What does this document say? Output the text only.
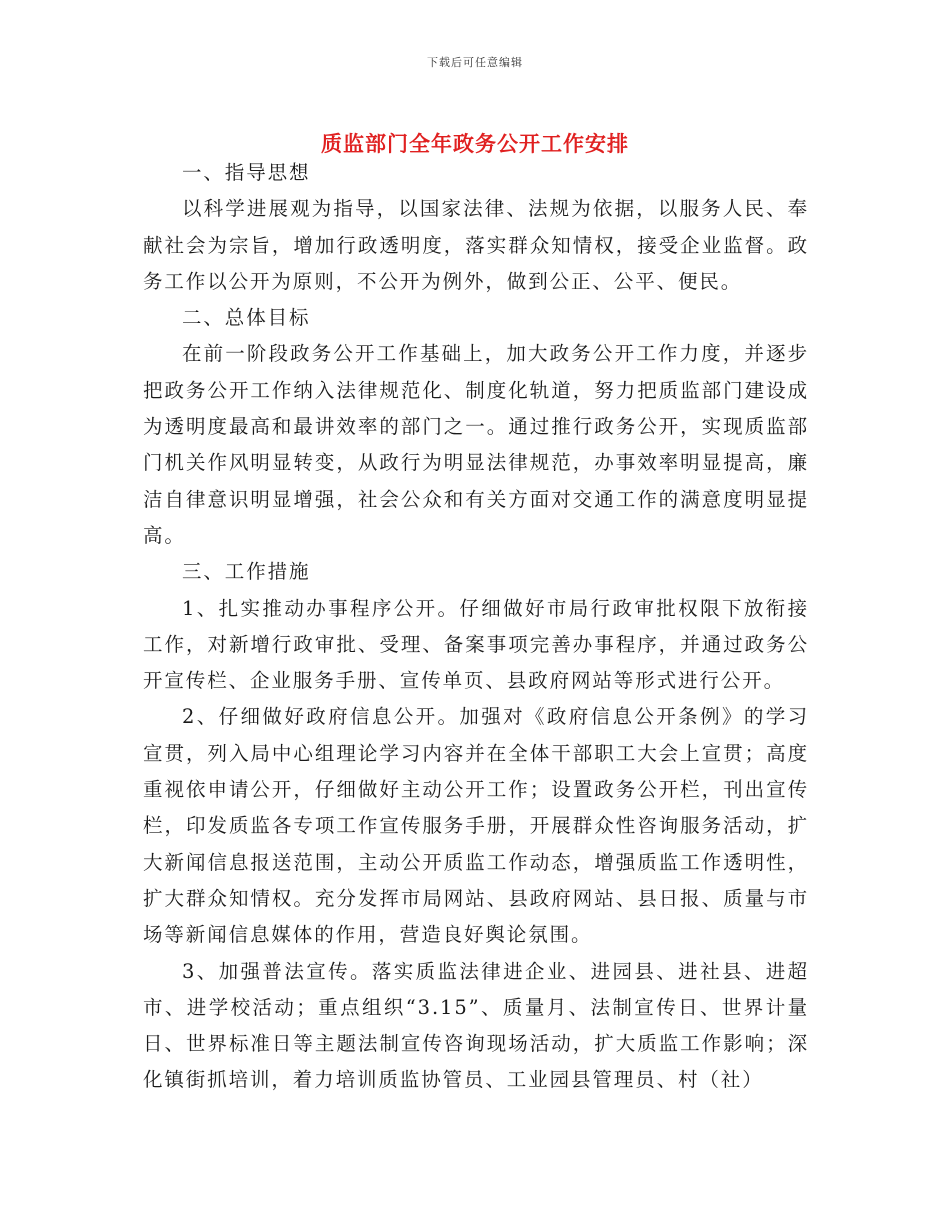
下载后可任意编辑
质监部门全年政务公开工作安排

一、指导思想

以科学进展观为指导，以国家法律、法规为依据，以服务人民、奉献社会为宗旨，增加行政透明度，落实群众知情权，接受企业监督。政务工作以公开为原则，不公开为例外，做到公正、公平、便民。

二、总体目标

在前一阶段政务公开工作基础上，加大政务公开工作力度，并逐步把政务公开工作纳入法律规范化、制度化轨道，努力把质监部门建设成为透明度最高和最讲效率的部门之一。通过推行政务公开，实现质监部门机关作风明显转变，从政行为明显法律规范，办事效率明显提高，廉洁自律意识明显增强，社会公众和有关方面对交通工作的满意度明显提高。

三、工作措施

1、扎实推动办事程序公开。仔细做好市局行政审批权限下放衔接工作，对新增行政审批、受理、备案事项完善办事程序，并通过政务公开宣传栏、企业服务手册、宣传单页、县政府网站等形式进行公开。

2、仔细做好政府信息公开。加强对《政府信息公开条例》的学习宣贯，列入局中心组理论学习内容并在全体干部职工大会上宣贯；高度重视依申请公开，仔细做好主动公开工作；设置政务公开栏，刊出宣传栏，印发质监各专项工作宣传服务手册，开展群众性咨询服务活动，扩大新闻信息报送范围，主动公开质监工作动态，增强质监工作透明性，扩大群众知情权。充分发挥市局网站、县政府网站、县日报、质量与市场等新闻信息媒体的作用，营造良好舆论氛围。

3、加强普法宣传。落实质监法律进企业、进园县、进社县、进超市、进学校活动；重点组织“3.15”、质量月、法制宣传日、世界计量日、世界标准日等主题法制宣传咨询现场活动，扩大质监工作影响；深化镇街抓培训，着力培训质监协管员、工业园县管理员、村（社）
